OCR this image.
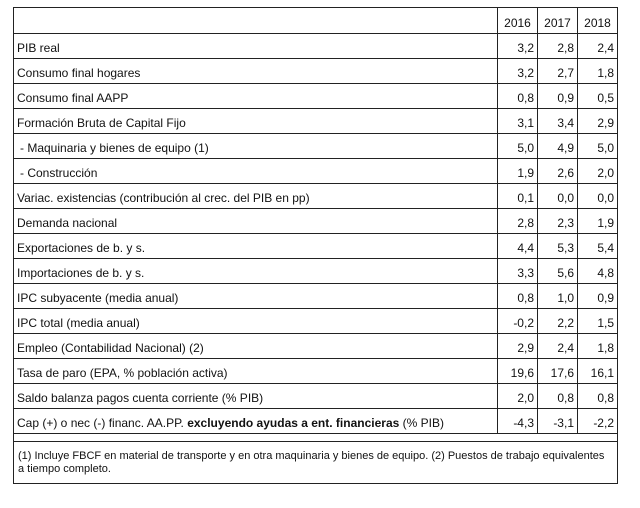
	2016	2017	2018
PIB real	3,2	2,8	2,4
Consumo final hogares	3,2	2,7	1,8
Consumo final AAPP	0,8	0,9	0,5
Formación Bruta de Capital Fijo	3,1	3,4	2,9
- Maquinaria y bienes de equipo (1)	5,0	4,9	5,0
- Construcción	1,9	2,6	2,0
Variac. existencias (contribución al crec. del PIB en pp)	0,1	0,0	0,0
Demanda nacional	2,8	2,3	1,9
Exportaciones de b. y s.	4,4	5,3	5,4
Importaciones de b. y s.	3,3	5,6	4,8
IPC subyacente (media anual)	0,8	1,0	0,9
IPC total (media anual)	-0,2	2,2	1,5
Empleo (Contabilidad Nacional) (2)	2,9	2,4	1,8
Tasa de paro (EPA, % población activa)	19,6	17,6	16,1
Saldo balanza pagos cuenta corriente (% PIB)	2,0	0,8	0,8
Cap (+) o nec (-) financ. AA.PP. excluyendo ayudas a ent. financieras (% PIB)	-4,3	-3,1	-2,2

(1) Incluye FBCF en material de transporte y en otra maquinaria y bienes de equipo. (2) Puestos de trabajo equivalentes a tiempo completo.			
